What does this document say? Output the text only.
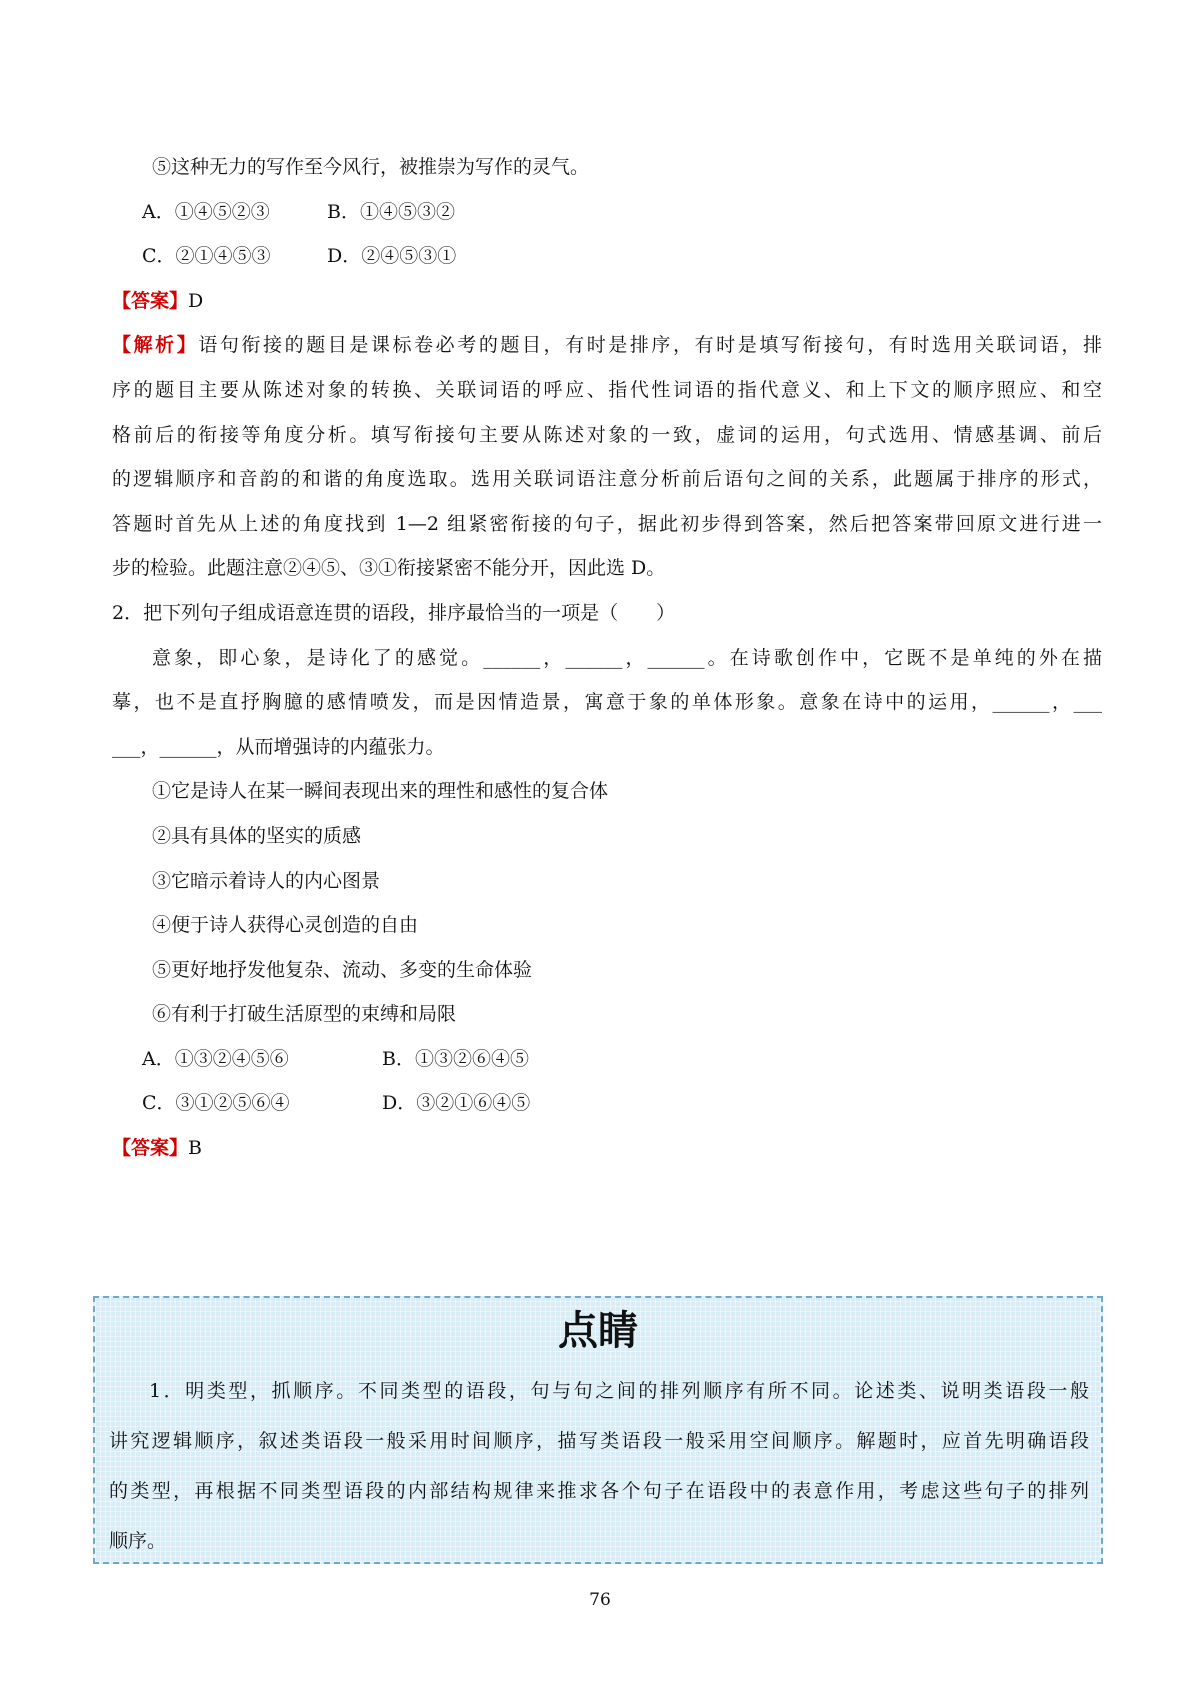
⑤这种无力的写作至今风行，被推崇为写作的灵气。
A．①④⑤②③	B．①④⑤③②
C．②①④⑤③	D．②④⑤③①
【答案】D
【解析】语句衔接的题目是课标卷必考的题目，有时是排序，有时是填写衔接句，有时选用关联词语，排
序的题目主要从陈述对象的转换、关联词语的呼应、指代性词语的指代意义、和上下文的顺序照应、和空
格前后的衔接等角度分析。填写衔接句主要从陈述对象的一致，虚词的运用，句式选用、情感基调、前后
的逻辑顺序和音韵的和谐的角度选取。选用关联词语注意分析前后语句之间的关系，此题属于排序的形式，
答题时首先从上述的角度找到 1—2 组紧密衔接的句子，据此初步得到答案，然后把答案带回原文进行进一
步的检验。此题注意②④⑤、③①衔接紧密不能分开，因此选 D。
2．把下列句子组成语意连贯的语段，排序最恰当的一项是（　　）
意象，即心象，是诗化了的感觉。______，______，______。在诗歌创作中，它既不是单纯的外在描
摹，也不是直抒胸臆的感情喷发，而是因情造景，寓意于象的单体形象。意象在诗中的运用，______，___
___，______，从而增强诗的内蕴张力。
①它是诗人在某一瞬间表现出来的理性和感性的复合体
②具有具体的坚实的质感
③它暗示着诗人的内心图景
④便于诗人获得心灵创造的自由
⑤更好地抒发他复杂、流动、多变的生命体验
⑥有利于打破生活原型的束缚和局限
A．①③②④⑤⑥	B．①③②⑥④⑤
C．③①②⑤⑥④	D．③②①⑥④⑤
【答案】B
点睛
1．明类型，抓顺序。不同类型的语段，句与句之间的排列顺序有所不同。论述类、说明类语段一般
讲究逻辑顺序，叙述类语段一般采用时间顺序，描写类语段一般采用空间顺序。解题时，应首先明确语段
的类型，再根据不同类型语段的内部结构规律来推求各个句子在语段中的表意作用，考虑这些句子的排列
顺序。
76
